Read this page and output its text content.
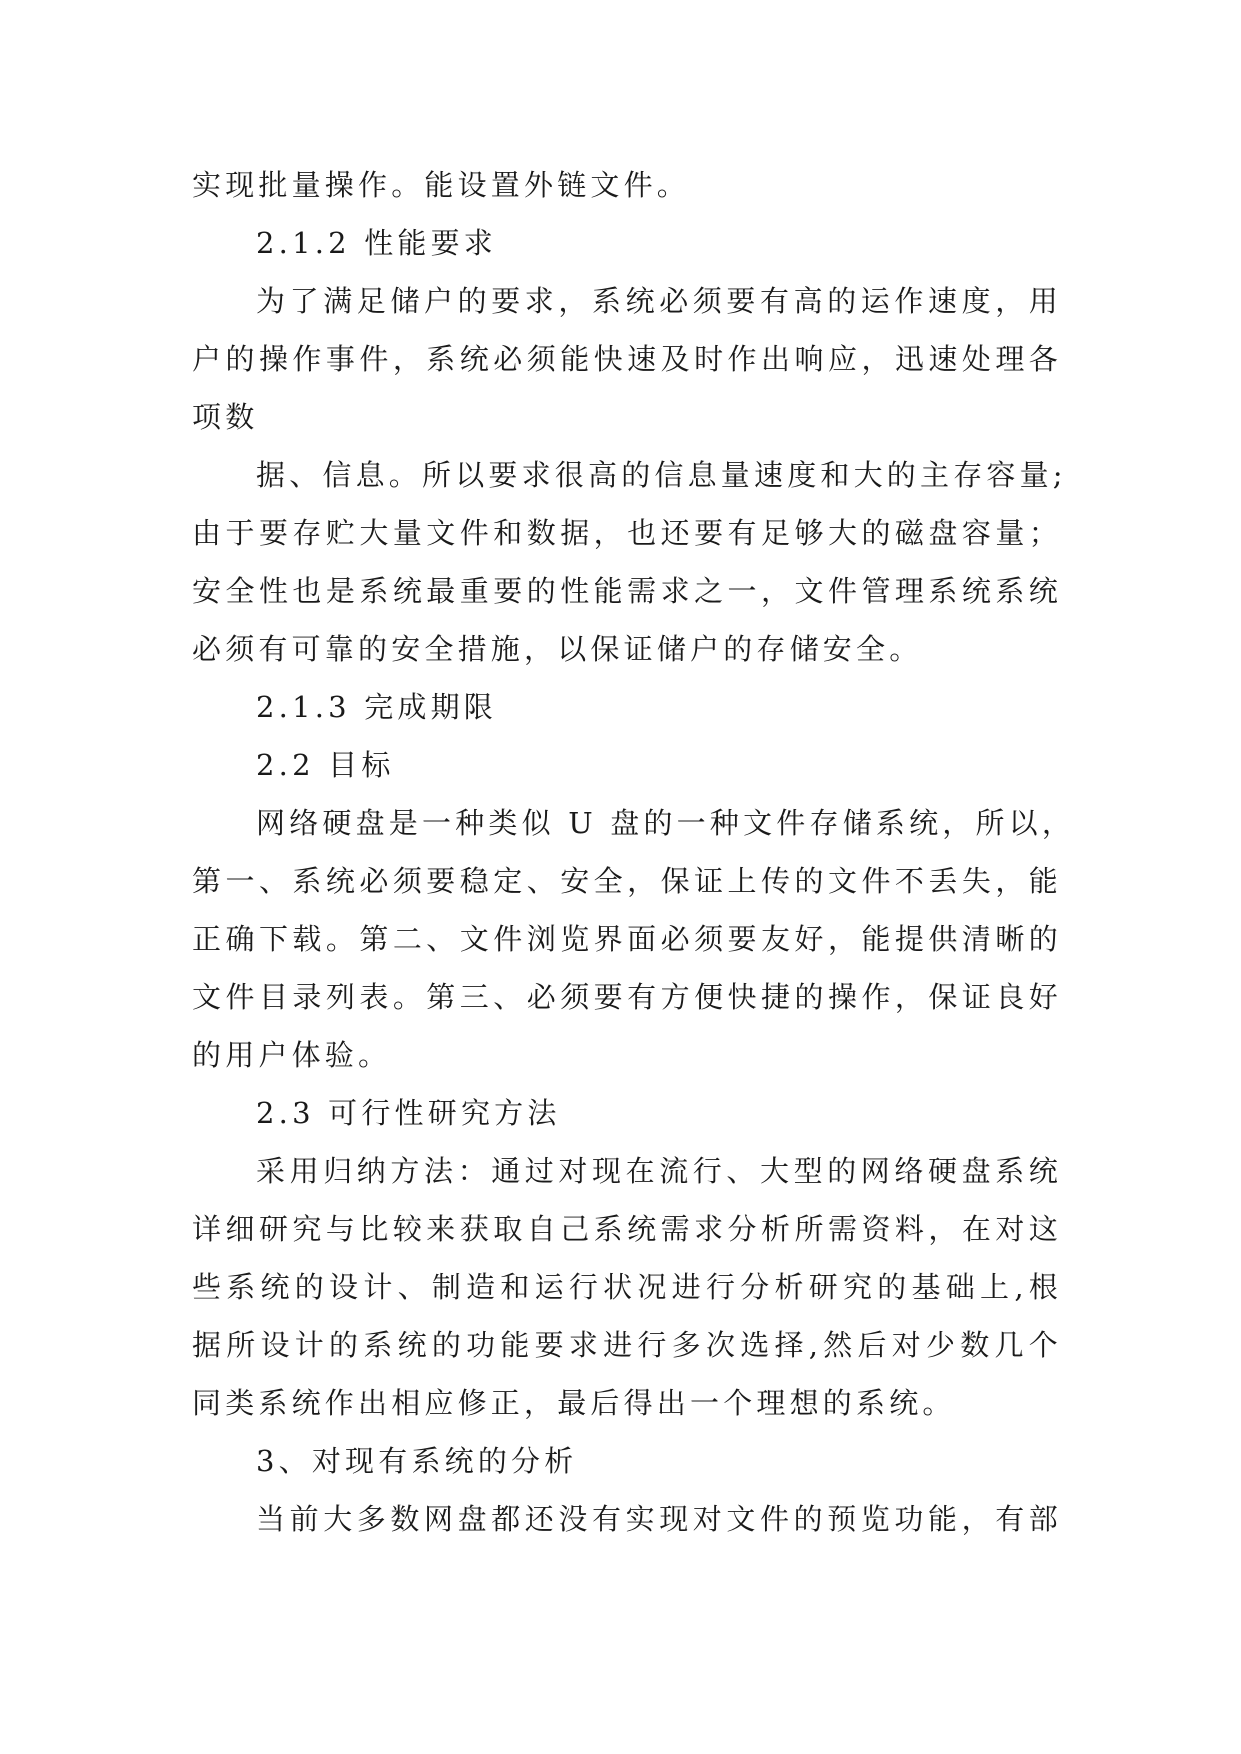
实现批量操作。能设置外链文件。
2.1.2 性能要求
为了满足储户的要求，系统必须要有高的运作速度，用
户的操作事件，系统必须能快速及时作出响应，迅速处理各
项数
据、信息。所以要求很高的信息量速度和大的主存容量;
由于要存贮大量文件和数据，也还要有足够大的磁盘容量；
安全性也是系统最重要的性能需求之一，文件管理系统系统
必须有可靠的安全措施，以保证储户的存储安全。
2.1.3 完成期限
2.2 目标
网络硬盘是一种类似 U 盘的一种文件存储系统，所以，
第一、系统必须要稳定、安全，保证上传的文件不丢失，能
正确下载。第二、文件浏览界面必须要友好，能提供清晰的
文件目录列表。第三、必须要有方便快捷的操作，保证良好
的用户体验。
2.3 可行性研究方法
采用归纳方法：通过对现在流行、大型的网络硬盘系统
详细研究与比较来获取自己系统需求分析所需资料，在对这
些系统的设计、制造和运行状况进行分析研究的基础上,根
据所设计的系统的功能要求进行多次选择,然后对少数几个
同类系统作出相应修正，最后得出一个理想的系统。
3、对现有系统的分析
当前大多数网盘都还没有实现对文件的预览功能，有部
